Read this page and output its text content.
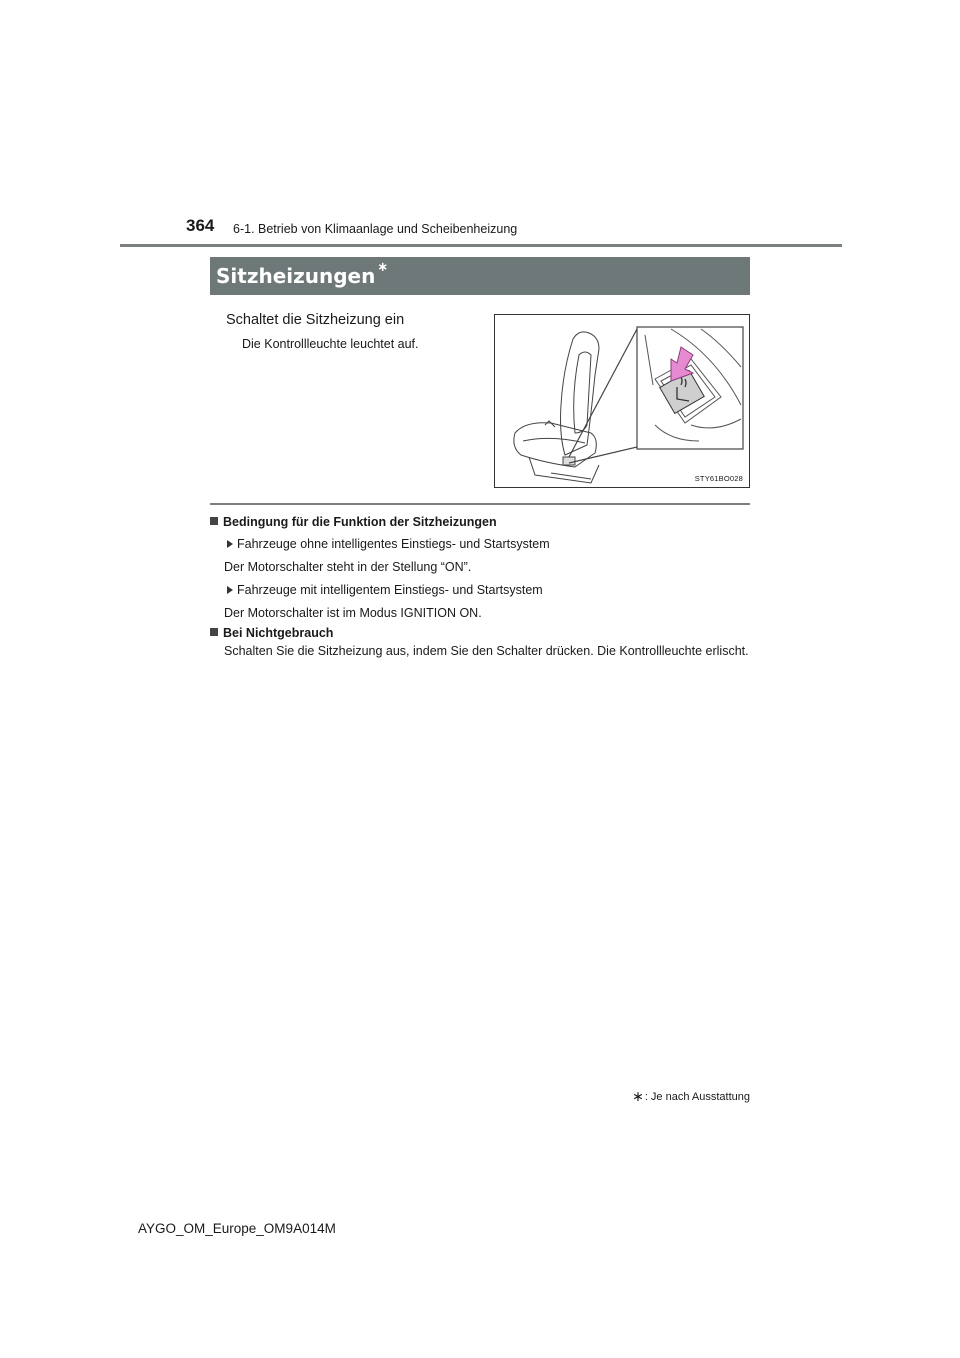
364 6-1. Betrieb von Klimaanlage und Scheibenheizung
Sitzheizungen ∗
Schaltet die Sitzheizung ein
Die Kontrollleuchte leuchtet auf.
STY61BO028
Bedingung für die Funktion der Sitzheizungen
Fahrzeuge ohne intelligentes Einstiegs- und Startsystem
Der Motorschalter steht in der Stellung “ON”.
Fahrzeuge mit intelligentem Einstiegs- und Startsystem
Der Motorschalter ist im Modus IGNITION ON.
Bei Nichtgebrauch
Schalten Sie die Sitzheizung aus, indem Sie den Schalter drücken. Die Kontrollleuchte erlischt.
∗ : Je nach Ausstattung
AYGO_OM_Europe_OM9A014M
